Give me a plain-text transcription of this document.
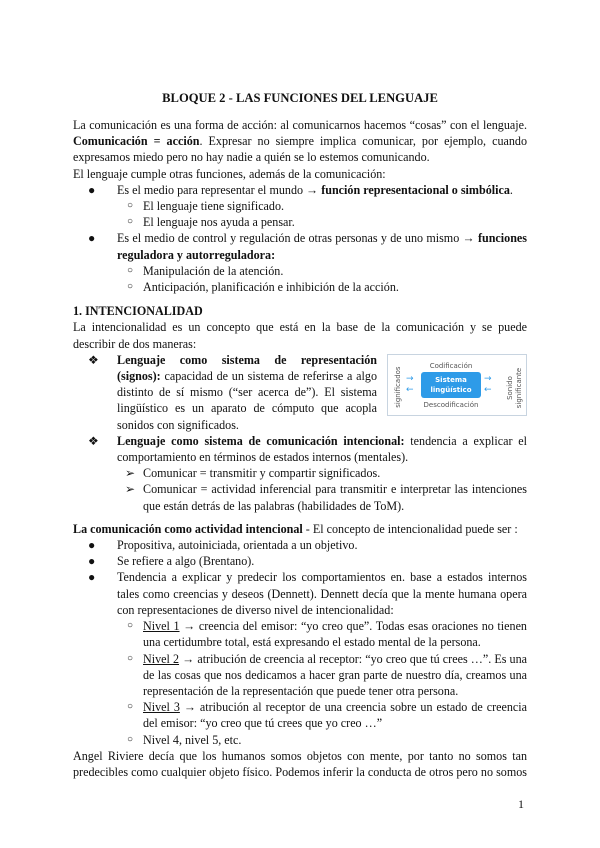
BLOQUE 2 - LAS FUNCIONES DEL LENGUAJE

La comunicación es una forma de acción: al comunicarnos hacemos “cosas” con el lenguaje. Comunicación = acción. Expresar no siempre implica comunicar, por ejemplo, cuando expresamos miedo pero no hay nadie a quién se lo estemos comunicando.

El lenguaje cumple otras funciones, además de la comunicación:

● Es el medio para representar el mundo → función representacional o simbólica.
○ El lenguaje tiene significado.
○ El lenguaje nos ayuda a pensar.
● Es el medio de control y regulación de otras personas y de uno mismo → funciones reguladora y autorreguladora:
○ Manipulación de la atención.
○ Anticipación, planificación e inhibición de la acción.

1. INTENCIONALIDAD

La intencionalidad es un concepto que está en la base de la comunicación y se puede describir de dos maneras:

❖	Codificación
significados	Sonido
significante
→
←
→
←
Sistema
lingüístico
Descodificación
Lenguaje como sistema de representación (signos): capacidad de un sistema de referirse a algo distinto de sí mismo (“ser acerca de”). El sistema lingüístico es un aparato de cómputo que acopla sonidos con significados.
❖ Lenguaje como sistema de comunicación intencional: tendencia a explicar el comportamiento en términos de estados internos (mentales).
➢ Comunicar = transmitir y compartir significados.
➢ Comunicar = actividad inferencial para transmitir e interpretar las intenciones que están detrás de las palabras (habilidades de ToM).

La comunicación como actividad intencional - El concepto de intencionalidad puede ser :

● Propositiva, autoiniciada, orientada a un objetivo.
● Se refiere a algo (Brentano).
● Tendencia a explicar y predecir los comportamientos en. base a estados internos tales como creencias y deseos (Dennett). Dennett decía que la mente humana opera con representaciones de diverso nivel de intencionalidad:
○ Nivel 1 → creencia del emisor: “yo creo que”. Todas esas oraciones no tienen una certidumbre total, está expresando el estado mental de la persona.
○ Nivel 2 → atribución de creencia al receptor: “yo creo que tú crees …”. Es una de las cosas que nos dedicamos a hacer gran parte de nuestro día, creamos una representación de la representación que puede tener otra persona.
○ Nivel 3 → atribución al receptor de una creencia sobre un estado de creencia del emisor: “yo creo que tú crees que yo creo …”
○ Nivel 4, nivel 5, etc.

Angel Riviere decía que los humanos somos objetos con mente, por tanto no somos tan predecibles como cualquier objeto físico. Podemos inferir la conducta de otros pero no somos

1
